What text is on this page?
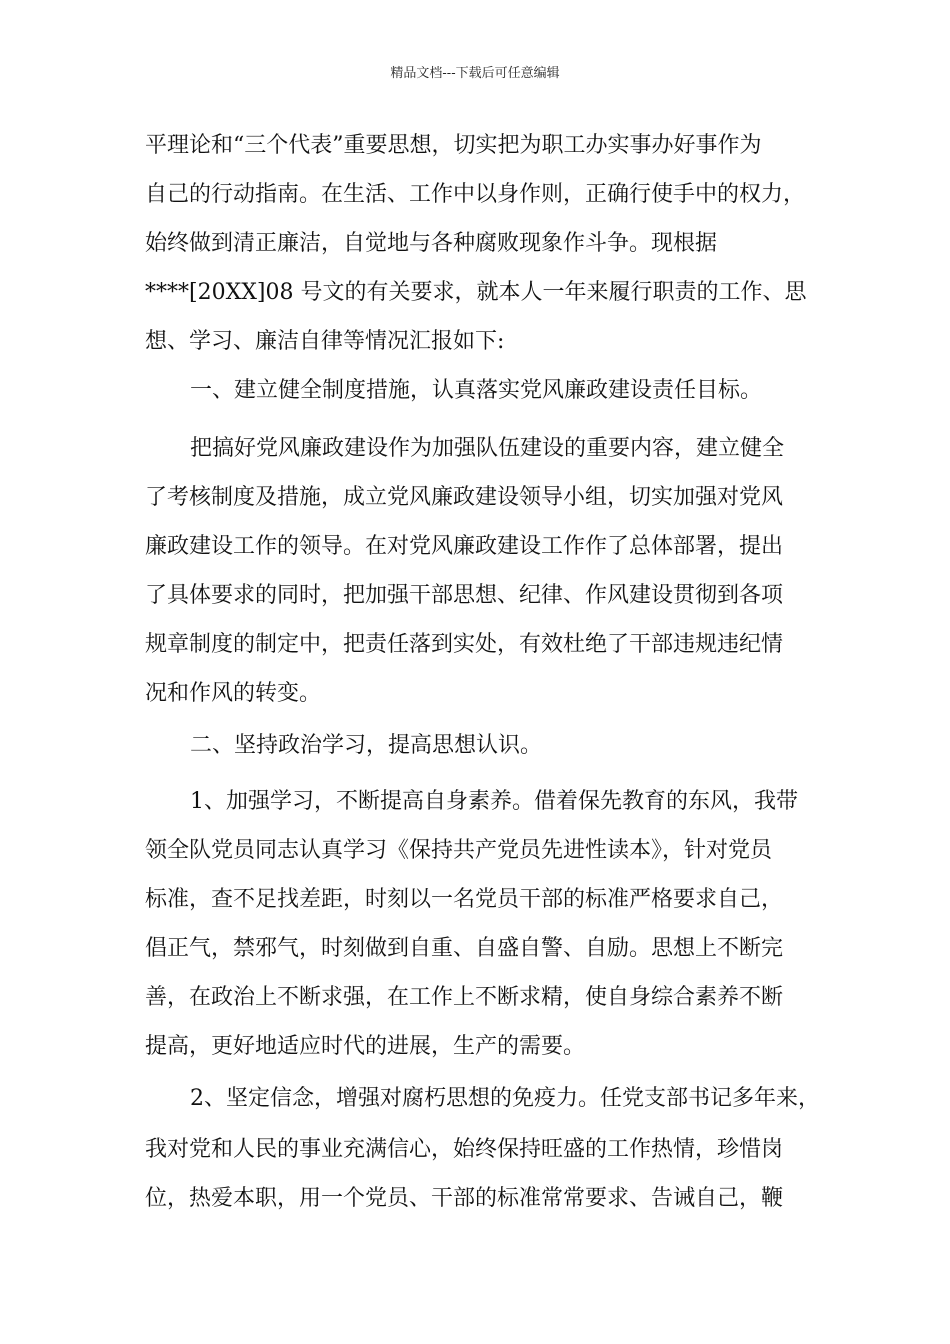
精品文档---下载后可任意编辑
平理论和“三个代表”重要思想，切实把为职工办实事办好事作为
自己的行动指南。在生活、工作中以身作则，正确行使手中的权力，
始终做到清正廉洁，自觉地与各种腐败现象作斗争。现根据
****[20XX]08 号文的有关要求，就本人一年来履行职责的工作、思
想、学习、廉洁自律等情况汇报如下:
一、建立健全制度措施，认真落实党风廉政建设责任目标。
把搞好党风廉政建设作为加强队伍建设的重要内容，建立健全
了考核制度及措施，成立党风廉政建设领导小组，切实加强对党风
廉政建设工作的领导。在对党风廉政建设工作作了总体部署，提出
了具体要求的同时，把加强干部思想、纪律、作风建设贯彻到各项
规章制度的制定中，把责任落到实处，有效杜绝了干部违规违纪情
况和作风的转变。
二、坚持政治学习，提高思想认识。
1、加强学习，不断提高自身素养。借着保先教育的东风，我带
领全队党员同志认真学习《保持共产党员先进性读本》，针对党员
标准，查不足找差距，时刻以一名党员干部的标准严格要求自己，
倡正气，禁邪气，时刻做到自重、自盛自警、自励。思想上不断完
善，在政治上不断求强，在工作上不断求精，使自身综合素养不断
提高，更好地适应时代的进展，生产的需要。
2、坚定信念，增强对腐朽思想的免疫力。任党支部书记多年来，
我对党和人民的事业充满信心，始终保持旺盛的工作热情，珍惜岗
位，热爱本职，用一个党员、干部的标准常常要求、告诫自己，鞭
